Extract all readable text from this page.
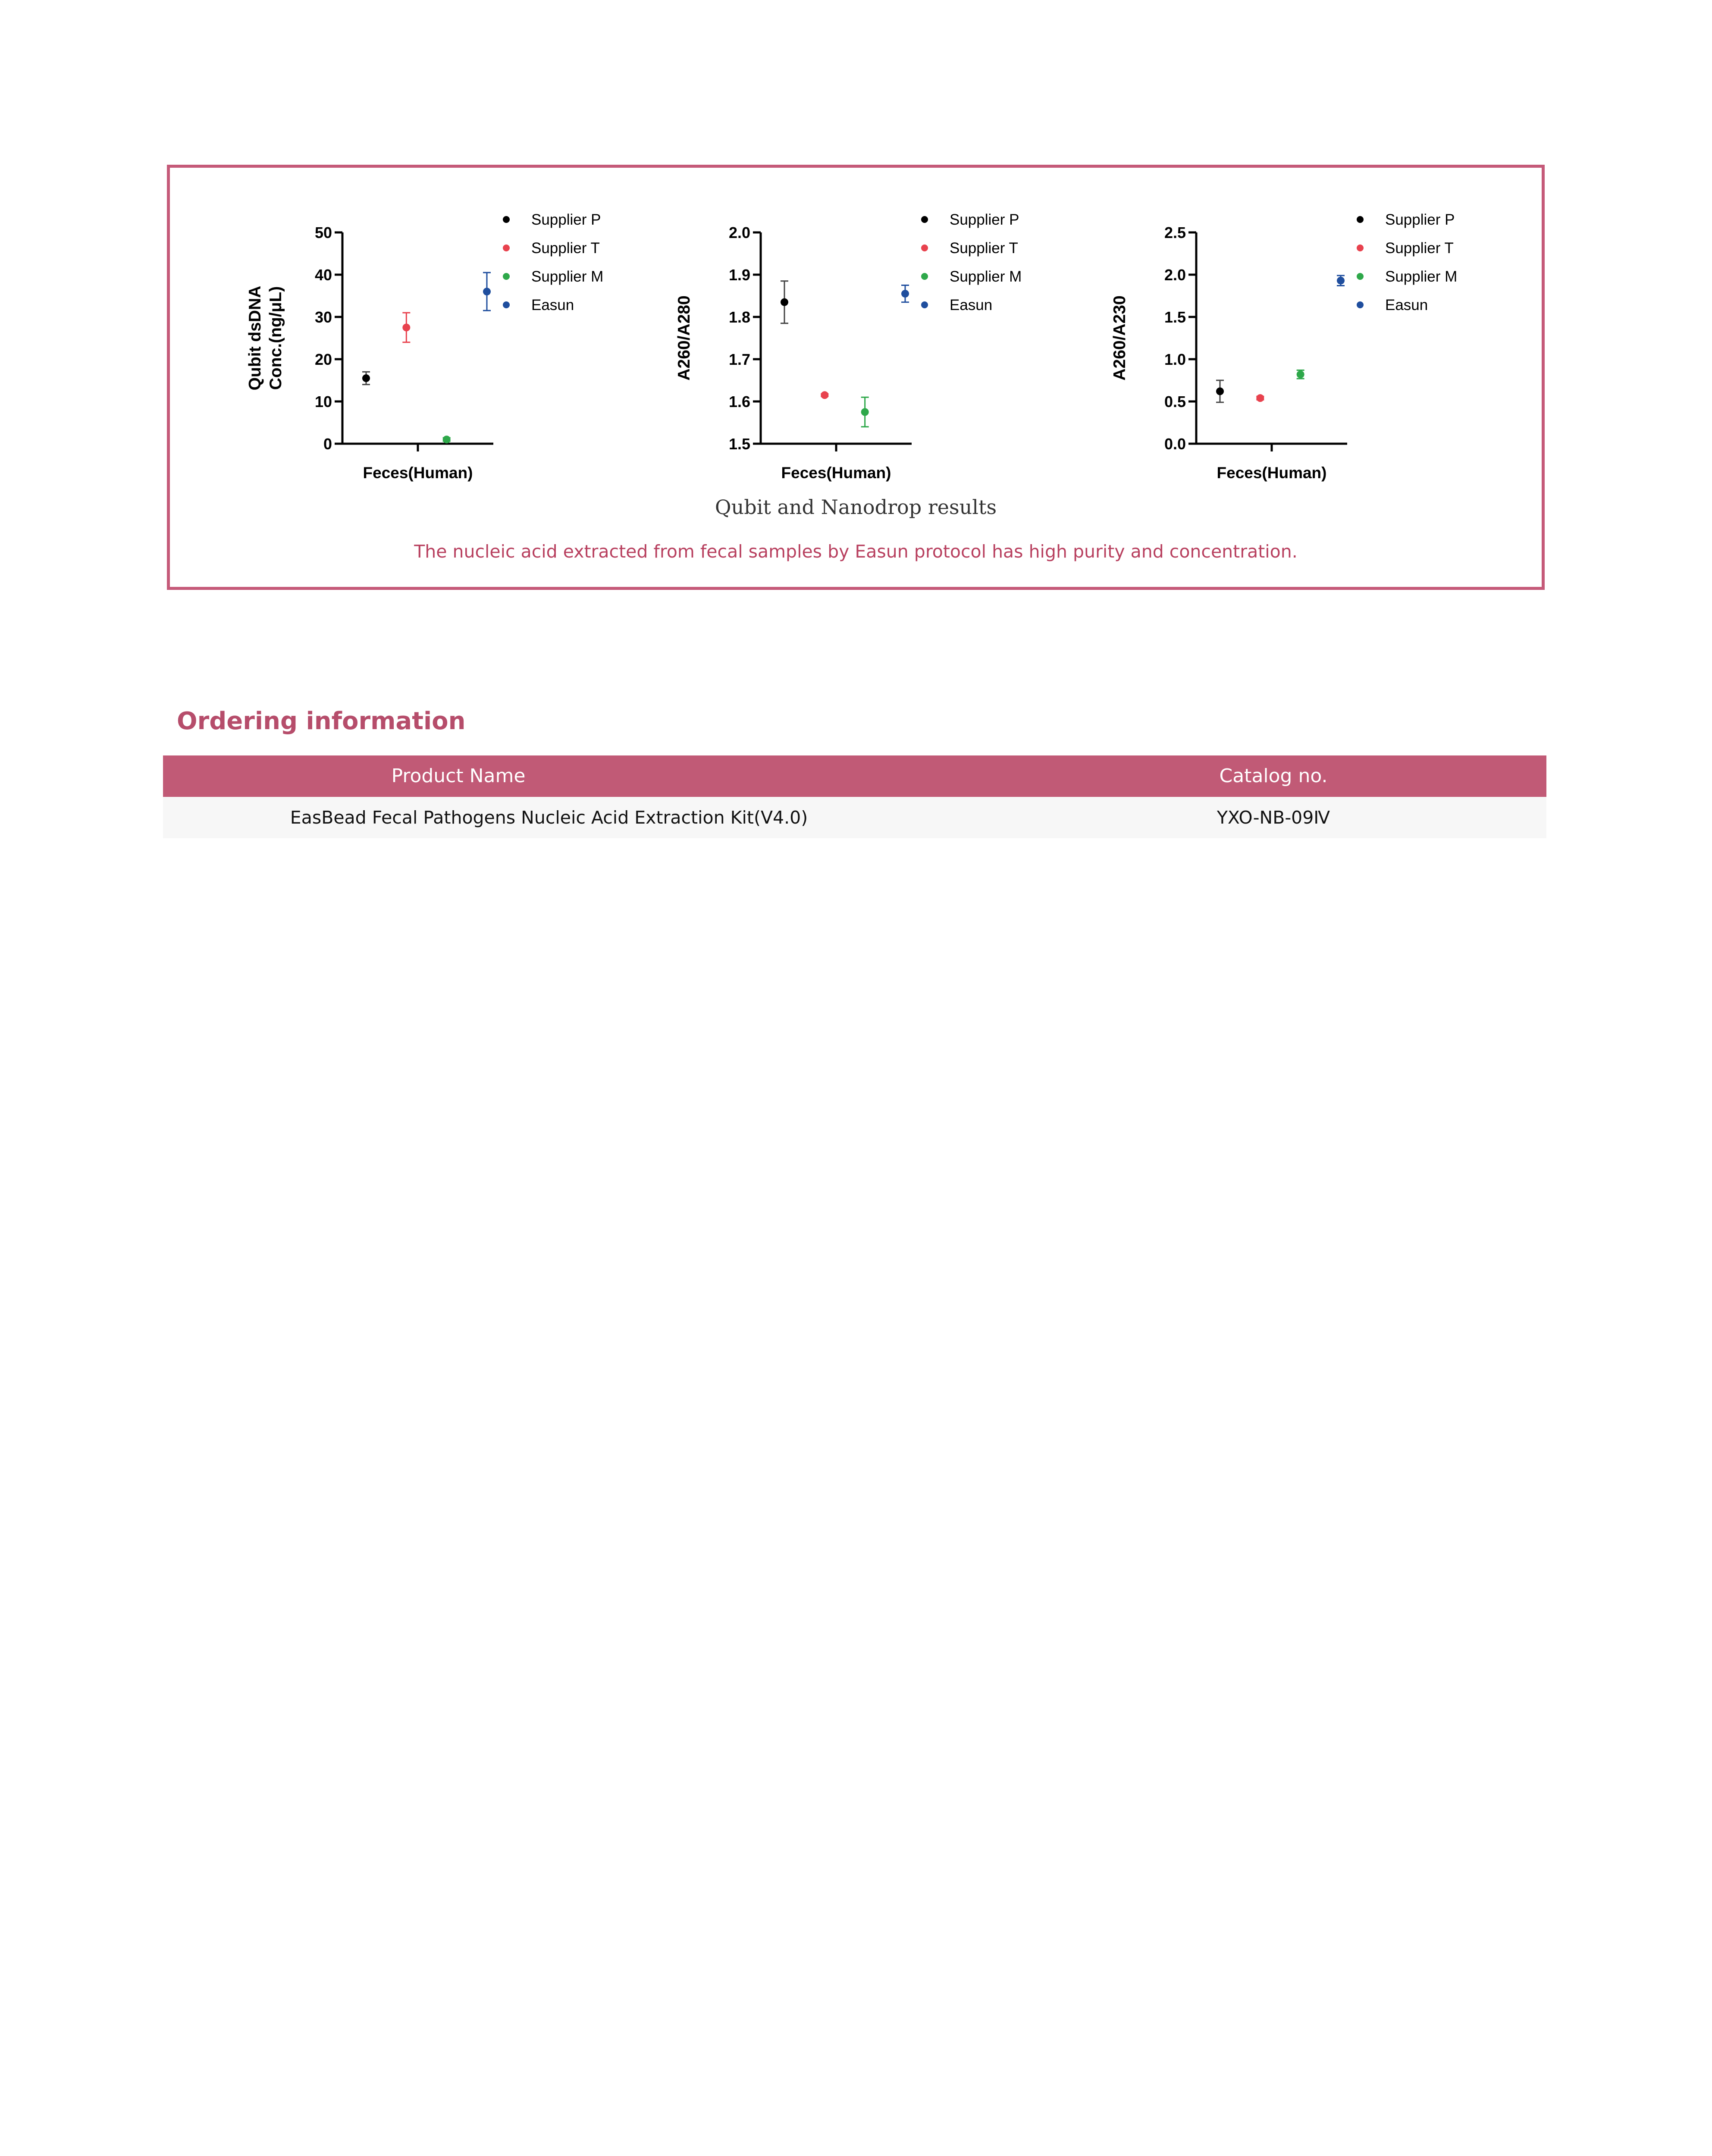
0
10
20
30
40
50
Feces(Human)
Qubit dsDNA Conc.(ng/μL)
Supplier P
Supplier T
Supplier M
Easun
1.5
1.6
1.7
1.8
1.9
2.0
Feces(Human)
A260/A280
Supplier P
Supplier T
Supplier M
Easun
0.0
0.5
1.0
1.5
2.0
2.5
Feces(Human)
A260/A230
Supplier P
Supplier T
Supplier M
Easun
Qubit and Nanodrop results
The nucleic acid extracted from fecal samples by Easun protocol has high purity and concentration.
Ordering information
Product Name	Catalog no.
EasBead Fecal Pathogens Nucleic Acid Extraction Kit(V4.0)	YXO-NB-09Ⅳ
